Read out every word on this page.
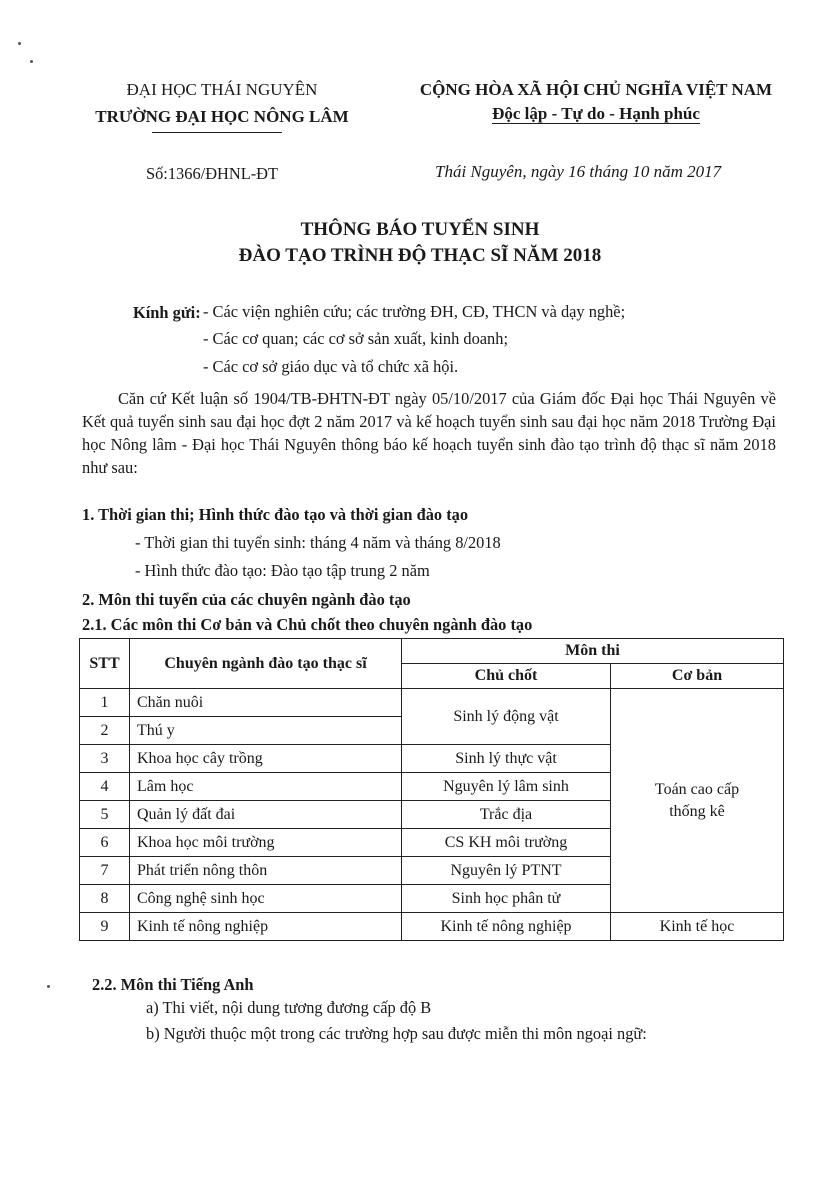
ĐẠI HỌC THÁI NGUYÊN
TRƯỜNG ĐẠI HỌC NÔNG LÂM
CỘNG HÒA XÃ HỘI CHỦ NGHĨA VIỆT NAM
Độc lập - Tự do - Hạnh phúc
Số:1366/ĐHNL-ĐT	Thái Nguyên, ngày 16 tháng 10 năm 2017
THÔNG BÁO TUYỂN SINH
ĐÀO TẠO TRÌNH ĐỘ THẠC SĨ NĂM 2018
Kính gửi: - Các viện nghiên cứu; các trường ĐH, CĐ, THCN và dạy nghề;
- Các cơ quan; các cơ sở sản xuất, kinh doanh;
- Các cơ sở giáo dục và tổ chức xã hội.
Căn cứ Kết luận số 1904/TB-ĐHTN-ĐT ngày 05/10/2017 của Giám đốc Đại học Thái Nguyên về Kết quả tuyển sinh sau đại học đợt 2 năm 2017 và kế hoạch tuyển sinh sau đại học năm 2018 Trường Đại học Nông lâm - Đại học Thái Nguyên thông báo kế hoạch tuyển sinh đào tạo trình độ thạc sĩ năm 2018 như sau:
1. Thời gian thi; Hình thức đào tạo và thời gian đào tạo
- Thời gian thi tuyển sinh: tháng 4 năm và tháng 8/2018
- Hình thức đào tạo: Đào tạo tập trung 2 năm
2. Môn thi tuyển của các chuyên ngành đào tạo
2.1. Các môn thi Cơ bản và Chủ chốt theo chuyên ngành đào tạo
STT	Chuyên ngành đào tạo thạc sĩ	Môn thi	
		Chủ chốt	Cơ bản
1	Chăn nuôi	Sinh lý động vật	Toán cao cấp
thống kê

2	Thú y		
3	Khoa học cây trồng	Sinh lý thực vật	
4	Lâm học	Nguyên lý lâm sinh	
5	Quản lý đất đai	Trắc địa	
6	Khoa học môi trường	CS KH môi trường	
7	Phát triển nông thôn	Nguyên lý PTNT	
8	Công nghệ sinh học	Sinh học phân tử	
9	Kinh tế nông nghiệp	Kinh tế nông nghiệp	Kinh tế học
2.2. Môn thi Tiếng Anh
a) Thi viết, nội dung tương đương cấp độ B
b) Người thuộc một trong các trường hợp sau được miễn thi môn ngoại ngữ:
